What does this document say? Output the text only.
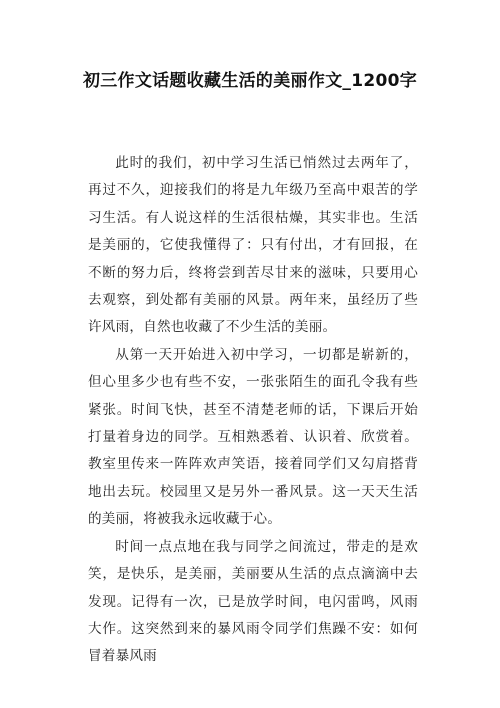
初三作文话题收藏生活的美丽作文_1200字

此时的我们，初中学习生活已悄然过去两年了，再过不久，迎接我们的将是九年级乃至高中艰苦的学习生活。有人说这样的生活很枯燥，其实非也。生活是美丽的，它使我懂得了：只有付出，才有回报，在不断的努力后，终将尝到苦尽甘来的滋味，只要用心去观察，到处都有美丽的风景。两年来，虽经历了些许风雨，自然也收藏了不少生活的美丽。

从第一天开始进入初中学习，一切都是崭新的，但心里多少也有些不安，一张张陌生的面孔令我有些紧张。时间飞快，甚至不清楚老师的话，下课后开始打量着身边的同学。互相熟悉着、认识着、欣赏着。教室里传来一阵阵欢声笑语，接着同学们又勾肩搭背地出去玩。校园里又是另外一番风景。这一天天生活的美丽，将被我永远收藏于心。

时间一点点地在我与同学之间流过，带走的是欢笑，是快乐，是美丽，美丽要从生活的点点滴滴中去发现。记得有一次，已是放学时间，电闪雷鸣，风雨大作。这突然到来的暴风雨令同学们焦躁不安：如何冒着暴风雨
